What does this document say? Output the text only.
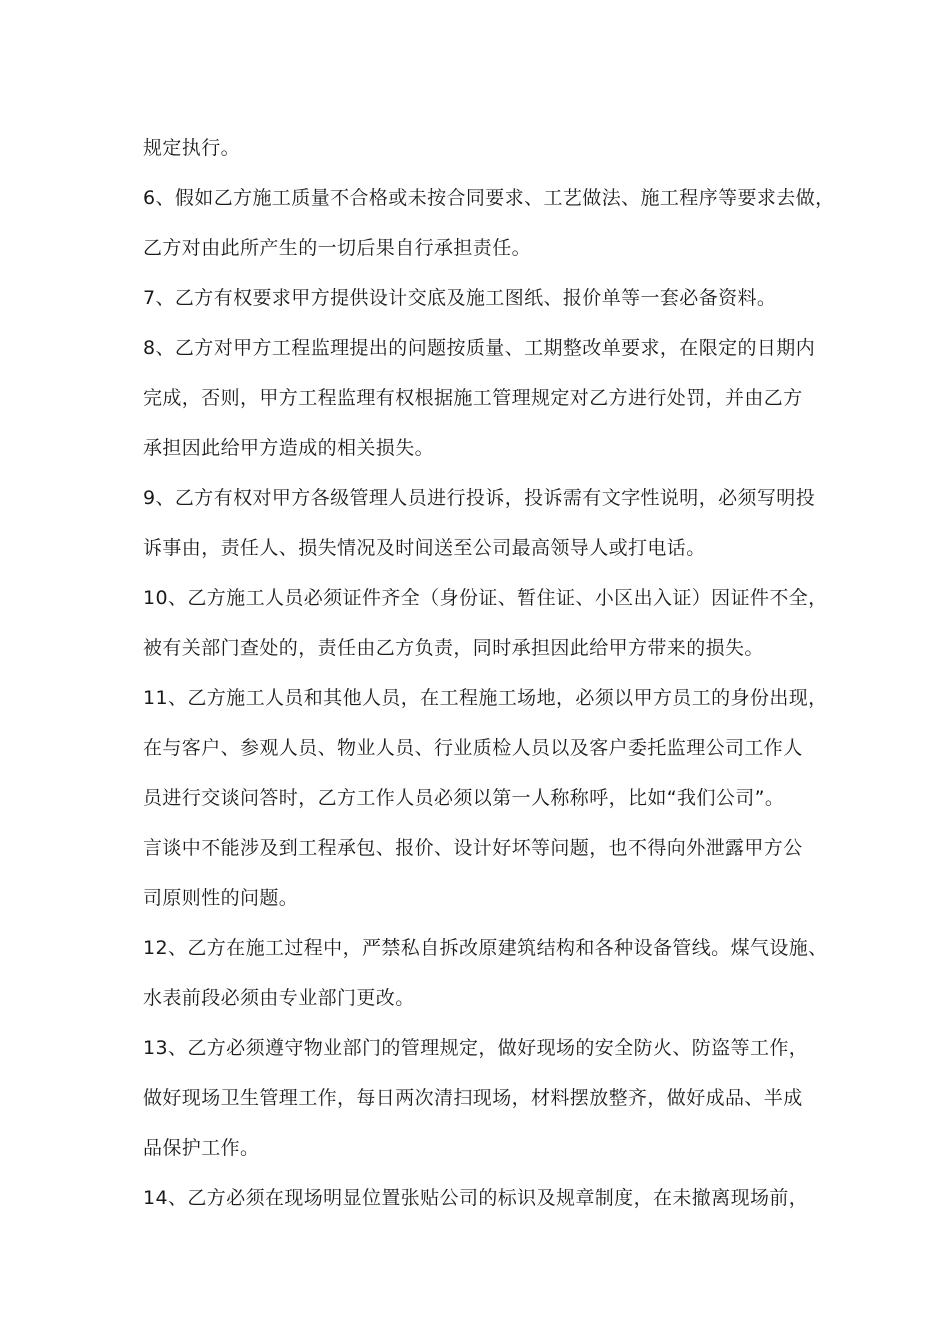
规定执行。
6、假如乙方施工质量不合格或未按合同要求、工艺做法、施工程序等要求去做，
乙方对由此所产生的一切后果自行承担责任。
7、乙方有权要求甲方提供设计交底及施工图纸、报价单等一套必备资料。
8、乙方对甲方工程监理提出的问题按质量、工期整改单要求，在限定的日期内
完成，否则，甲方工程监理有权根据施工管理规定对乙方进行处罚，并由乙方
承担因此给甲方造成的相关损失。
9、乙方有权对甲方各级管理人员进行投诉，投诉需有文字性说明，必须写明投
诉事由，责任人、损失情况及时间送至公司最高领导人或打电话。
10、乙方施工人员必须证件齐全（身份证、暂住证、小区出入证）因证件不全，
被有关部门查处的，责任由乙方负责，同时承担因此给甲方带来的损失。
11、乙方施工人员和其他人员，在工程施工场地，必须以甲方员工的身份出现，
在与客户、参观人员、物业人员、行业质检人员以及客户委托监理公司工作人
员进行交谈问答时，乙方工作人员必须以第一人称称呼，比如“我们公司”。
言谈中不能涉及到工程承包、报价、设计好坏等问题，也不得向外泄露甲方公
司原则性的问题。
12、乙方在施工过程中，严禁私自拆改原建筑结构和各种设备管线。煤气设施、
水表前段必须由专业部门更改。
13、乙方必须遵守物业部门的管理规定，做好现场的安全防火、防盗等工作，
做好现场卫生管理工作，每日两次清扫现场，材料摆放整齐，做好成品、半成
品保护工作。
14、乙方必须在现场明显位置张贴公司的标识及规章制度，在未撤离现场前，
